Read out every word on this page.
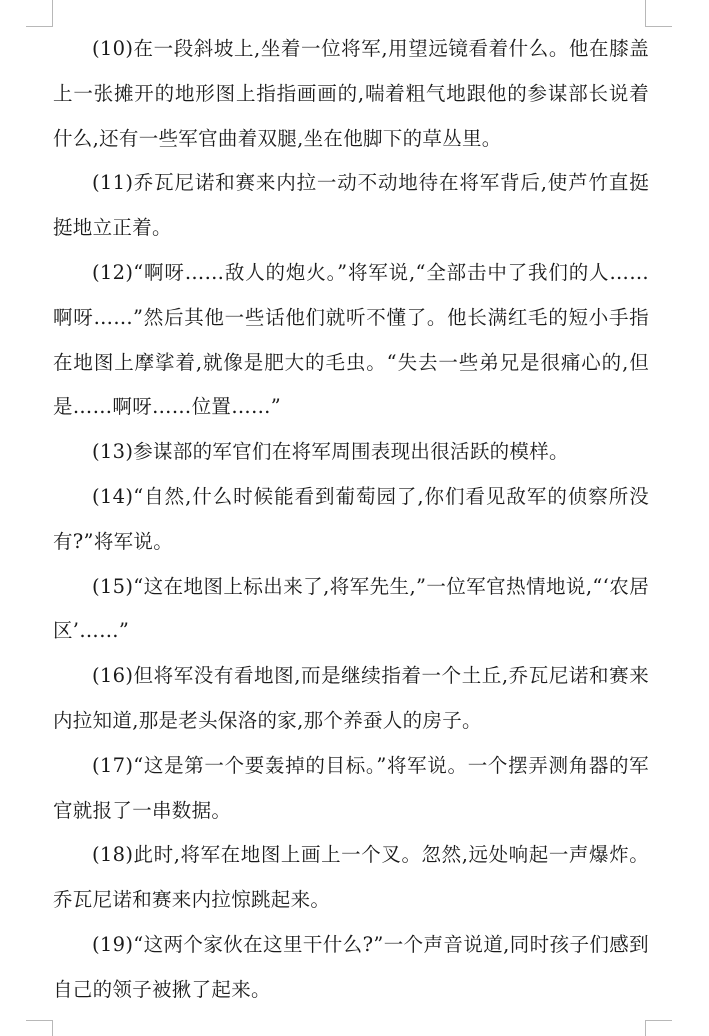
(10)在一段斜坡上,坐着一位将军,用望远镜看着什么。他在膝盖上一张摊开的地形图上指指画画的,喘着粗气地跟他的参谋部长说着什么,还有一些军官曲着双腿,坐在他脚下的草丛里。

(11)乔瓦尼诺和赛来内拉一动不动地待在将军背后,使芦竹直挺挺地立正着。

(12)“啊呀……敌人的炮火。”将军说,“全部击中了我们的人……啊呀……”然后其他一些话他们就听不懂了。他长满红毛的短小手指在地图上摩挲着,就像是肥大的毛虫。“失去一些弟兄是很痛心的,但是……啊呀……位置……”

(13)参谋部的军官们在将军周围表现出很活跃的模样。

(14)“自然,什么时候能看到葡萄园了,你们看见敌军的侦察所没有?”将军说。

(15)“这在地图上标出来了,将军先生,”一位军官热情地说,“‘农居区’……”

(16)但将军没有看地图,而是继续指着一个土丘,乔瓦尼诺和赛来内拉知道,那是老头保洛的家,那个养蚕人的房子。

(17)“这是第一个要轰掉的目标。”将军说。一个摆弄测角器的军官就报了一串数据。

(18)此时,将军在地图上画上一个叉。忽然,远处响起一声爆炸。乔瓦尼诺和赛来内拉惊跳起来。

(19)“这两个家伙在这里干什么?”一个声音说道,同时孩子们感到自己的领子被揪了起来。
